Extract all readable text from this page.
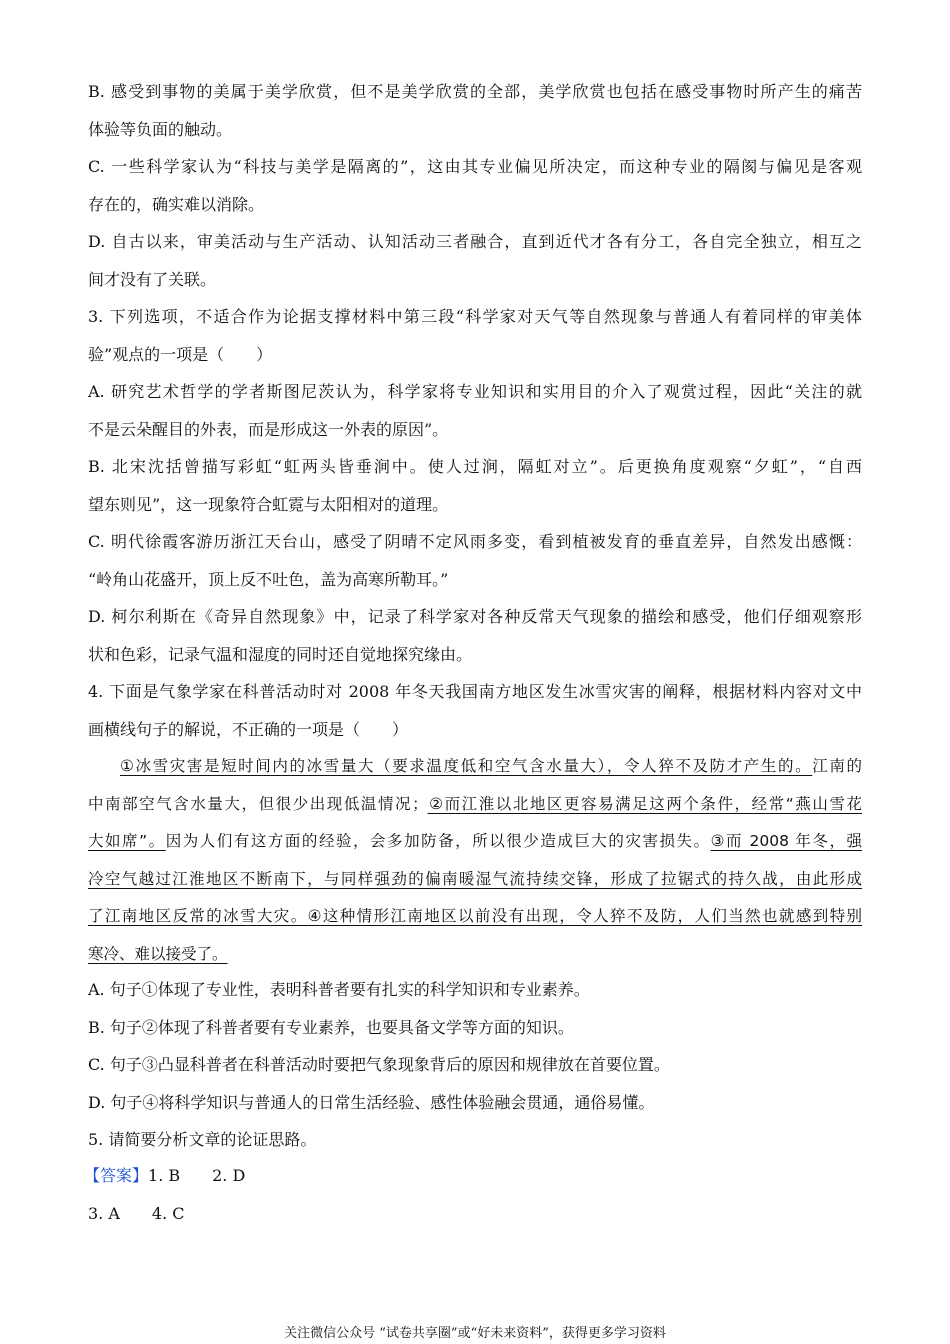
B. 感受到事物的美属于美学欣赏，但不是美学欣赏的全部，美学欣赏也包括在感受事物时所产生的痛苦
体验等负面的触动。
C. 一些科学家认为“科技与美学是隔离的”，这由其专业偏见所决定，而这种专业的隔阂与偏见是客观
存在的，确实难以消除。
D. 自古以来，审美活动与生产活动、认知活动三者融合，直到近代才各有分工，各自完全独立，相互之
间才没有了关联。
3. 下列选项，不适合作为论据支撑材料中第三段“科学家对天气等自然现象与普通人有着同样的审美体
验”观点的一项是（　　）
A. 研究艺术哲学的学者斯图尼茨认为，科学家将专业知识和实用目的介入了观赏过程，因此“关注的就
不是云朵醒目的外表，而是形成这一外表的原因”。
B. 北宋沈括曾描写彩虹“虹两头皆垂涧中。使人过涧，隔虹对立”。后更换角度观察“夕虹”，“自西
望东则见”，这一现象符合虹霓与太阳相对的道理。
C. 明代徐霞客游历浙江天台山，感受了阴晴不定风雨多变，看到植被发育的垂直差异，自然发出感慨：
“岭角山花盛开，顶上反不吐色，盖为高寒所勒耳。”
D. 柯尔利斯在《奇异自然现象》中，记录了科学家对各种反常天气现象的描绘和感受，他们仔细观察形
状和色彩，记录气温和湿度的同时还自觉地探究缘由。
4. 下面是气象学家在科普活动时对 2008 年冬天我国南方地区发生冰雪灾害的阐释，根据材料内容对文中
画横线句子的解说，不正确的一项是（　　）
①冰雪灾害是短时间内的冰雪量大（要求温度低和空气含水量大），令人猝不及防才产生的。江南的
中南部空气含水量大，但很少出现低温情况；②而江淮以北地区更容易满足这两个条件，经常“燕山雪花
大如席”。因为人们有这方面的经验，会多加防备，所以很少造成巨大的灾害损失。③而 2008 年冬，强
冷空气越过江淮地区不断南下，与同样强劲的偏南暖湿气流持续交锋，形成了拉锯式的持久战，由此形成
了江南地区反常的冰雪大灾。④这种情形江南地区以前没有出现，令人猝不及防，人们当然也就感到特别
寒冷、难以接受了。
A. 句子①体现了专业性，表明科普者要有扎实的科学知识和专业素养。
B. 句子②体现了科普者要有专业素养，也要具备文学等方面的知识。
C. 句子③凸显科普者在科普活动时要把气象现象背后的原因和规律放在首要位置。
D. 句子④将科学知识与普通人的日常生活经验、感性体验融会贯通，通俗易懂。
5. 请简要分析文章的论证思路。
【答案】1. B　　2. D
3. A　　4. C
关注微信公众号 “试卷共享圈”或“好未来资料”，获得更多学习资料
